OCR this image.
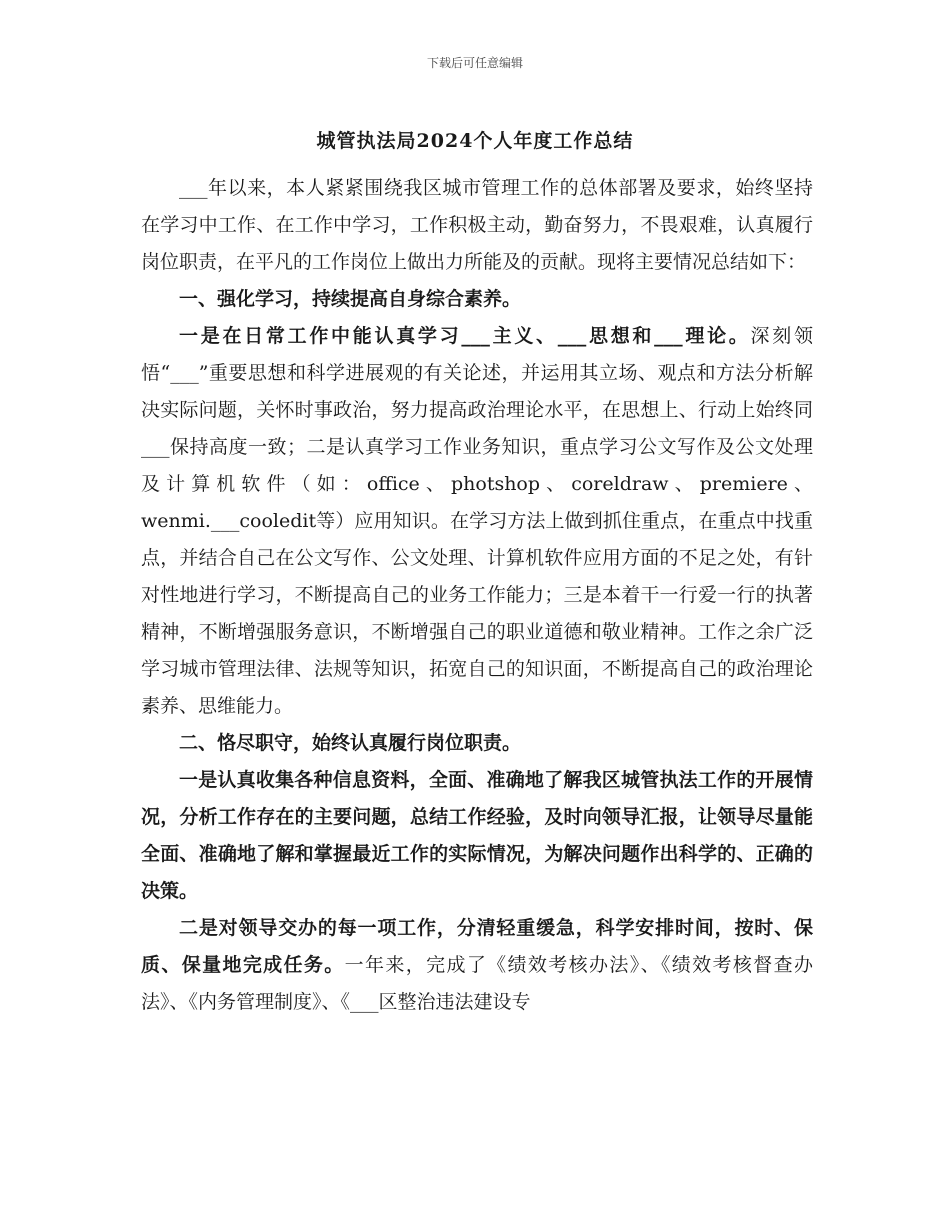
下载后可任意编辑
城管执法局2024个人年度工作总结

___年以来，本人紧紧围绕我区城市管理工作的总体部署及要求，始终坚持在学习中工作、在工作中学习，工作积极主动，勤奋努力，不畏艰难，认真履行岗位职责，在平凡的工作岗位上做出力所能及的贡献。现将主要情况总结如下：

一、强化学习，持续提高自身综合素养。

一是在日常工作中能认真学习___主义、___思想和___理论。深刻领悟“___”重要思想和科学进展观的有关论述，并运用其立场、观点和方法分析解决实际问题，关怀时事政治，努力提高政治理论水平，在思想上、行动上始终同___保持高度一致；二是认真学习工作业务知识，重点学习公文写作及公文处理及计算机软件（如：office、photshop、coreldraw、premiere、wenmi.___cooledit等）应用知识。在学习方法上做到抓住重点，在重点中找重点，并结合自己在公文写作、公文处理、计算机软件应用方面的不足之处，有针对性地进行学习，不断提高自己的业务工作能力；三是本着干一行爱一行的执著精神，不断增强服务意识，不断增强自己的职业道德和敬业精神。工作之余广泛学习城市管理法律、法规等知识，拓宽自己的知识面，不断提高自己的政治理论素养、思维能力。

二、恪尽职守，始终认真履行岗位职责。

一是认真收集各种信息资料，全面、准确地了解我区城管执法工作的开展情况，分析工作存在的主要问题，总结工作经验，及时向领导汇报，让领导尽量能全面、准确地了解和掌握最近工作的实际情况，为解决问题作出科学的、正确的决策。

二是对领导交办的每一项工作，分清轻重缓急，科学安排时间，按时、保质、保量地完成任务。一年来，完成了《绩效考核办法》、《绩效考核督查办法》、《内务管理制度》、《___区整治违法建设专
